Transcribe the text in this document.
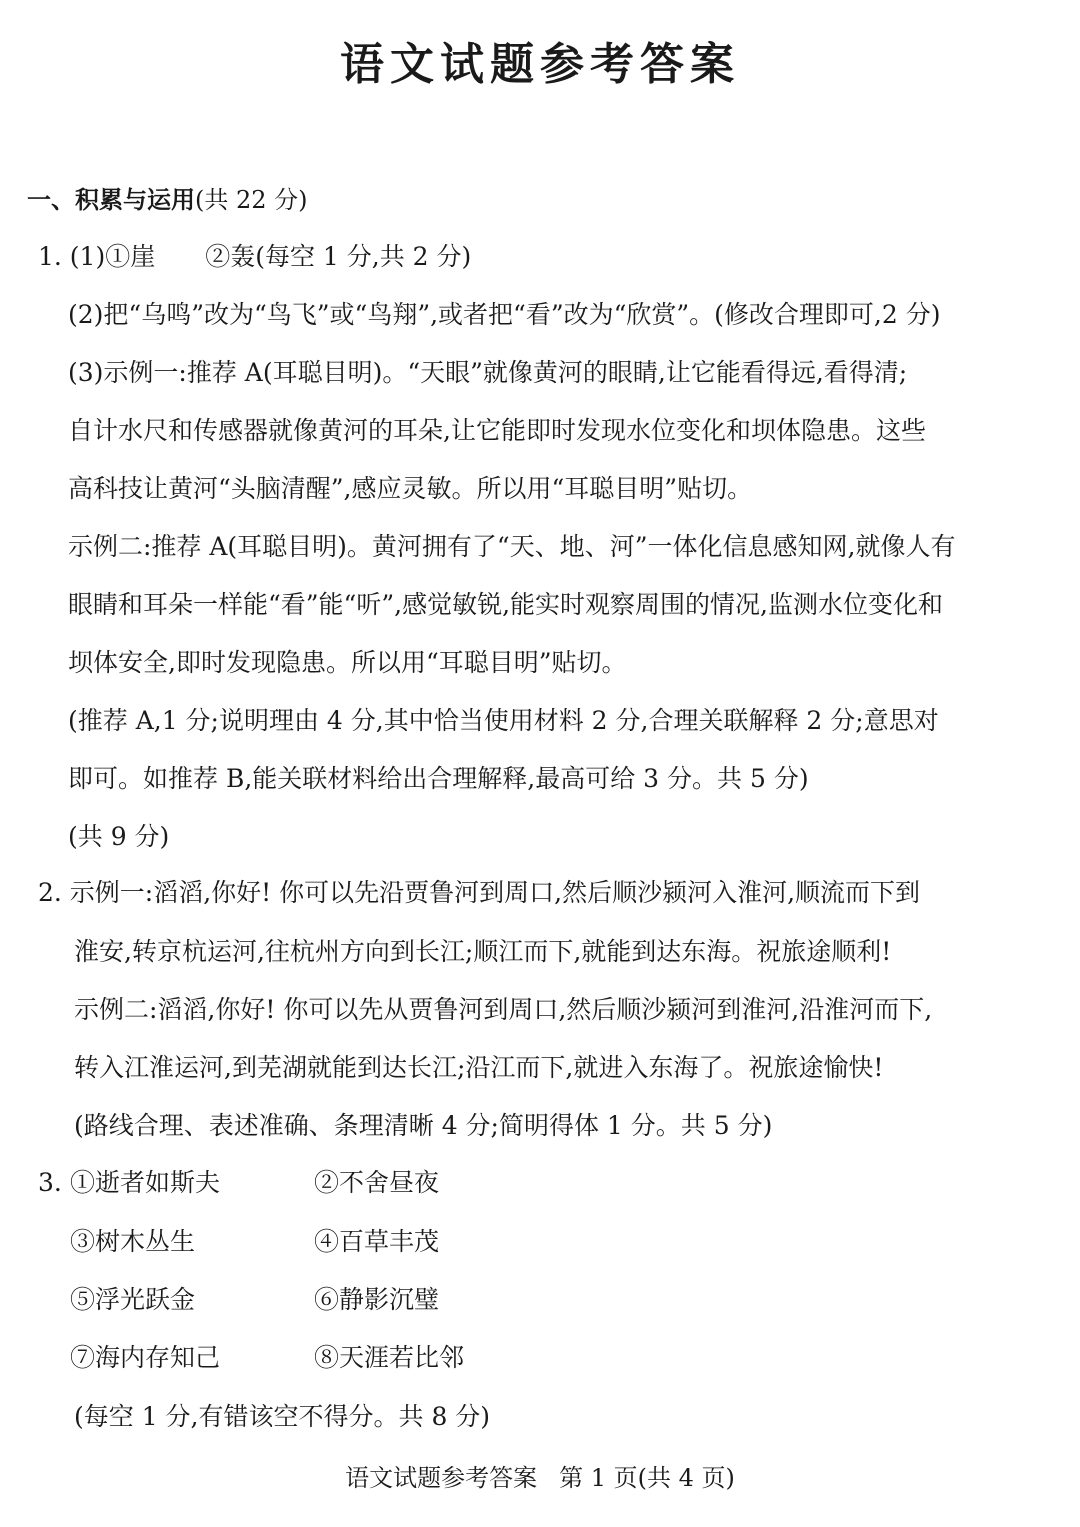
语文试题参考答案
一、积累与运用(共 22 分)
1. (1)①崖　　②轰(每空 1 分,共 2 分)
(2)把“乌鸣”改为“鸟飞”或“鸟翔”,或者把“看”改为“欣赏”。(修改合理即可,2 分)
(3)示例一:推荐 A(耳聪目明)。“天眼”就像黄河的眼睛,让它能看得远,看得清;
自计水尺和传感器就像黄河的耳朵,让它能即时发现水位变化和坝体隐患。这些
高科技让黄河“头脑清醒”,感应灵敏。所以用“耳聪目明”贴切。
示例二:推荐 A(耳聪目明)。黄河拥有了“天、地、河”一体化信息感知网,就像人有
眼睛和耳朵一样能“看”能“听”,感觉敏锐,能实时观察周围的情况,监测水位变化和
坝体安全,即时发现隐患。所以用“耳聪目明”贴切。
(推荐 A,1 分;说明理由 4 分,其中恰当使用材料 2 分,合理关联解释 2 分;意思对
即可。如推荐 B,能关联材料给出合理解释,最高可给 3 分。共 5 分)
(共 9 分)
2. 示例一:滔滔,你好! 你可以先沿贾鲁河到周口,然后顺沙颍河入淮河,顺流而下到
淮安,转京杭运河,往杭州方向到长江;顺江而下,就能到达东海。祝旅途顺利!
示例二:滔滔,你好! 你可以先从贾鲁河到周口,然后顺沙颍河到淮河,沿淮河而下,
转入江淮运河,到芜湖就能到达长江;沿江而下,就进入东海了。祝旅途愉快!
(路线合理、表述准确、条理清晰 4 分;简明得体 1 分。共 5 分)
3. ①逝者如斯夫	②不舍昼夜
③树木丛生	④百草丰茂
⑤浮光跃金	⑥静影沉璧
⑦海内存知己	⑧天涯若比邻
(每空 1 分,有错该空不得分。共 8 分)
语文试题参考答案 第 1 页(共 4 页)
